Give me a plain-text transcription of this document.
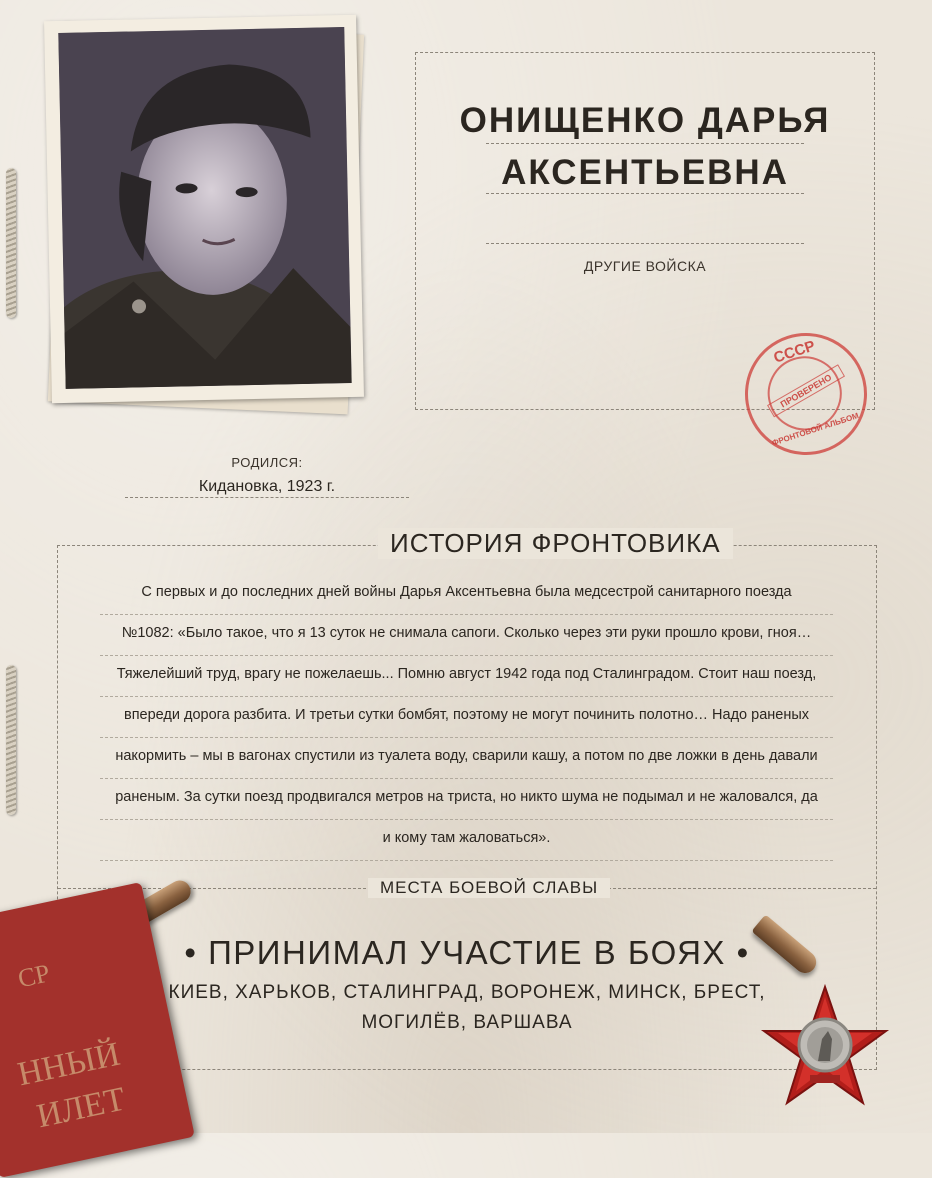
ОНИЩЕНКО ДАРЬЯ
АКСЕНТЬЕВНА
ДРУГИЕ ВОЙСКА
СССР
ПРОВЕРЕНО
ФРОНТОВОЙ АЛЬБОМ
РОДИЛСЯ:
Кидановка, 1923 г.
ИСТОРИЯ ФРОНТОВИКА
С первых и до последних дней войны Дарья Аксентьевна была медсестрой санитарного поезда
№1082: «Было такое, что я 13 суток не снимала сапоги. Сколько через эти руки прошло крови, гноя…
Тяжелейший труд, врагу не пожелаешь... Помню август 1942 года под Сталинградом. Стоит наш поезд,
впереди дорога разбита. И третьи сутки бомбят, поэтому не могут починить полотно… Надо раненых
накормить – мы в вагонах спустили из туалета воду, сварили кашу, а потом по две ложки в день давали
раненым. За сутки поезд продвигался метров на триста, но никто шума не подымал и не жаловался, да
и кому там жаловаться».
МЕСТА БОЕВОЙ СЛАВЫ
• ПРИНИМАЛ УЧАСТИЕ В БОЯХ •
КИЕВ, ХАРЬКОВ, СТАЛИНГРАД, ВОРОНЕЖ, МИНСК, БРЕСТ, МОГИЛЁВ, ВАРШАВА
СР
ННЫЙ
ИЛЕТ
